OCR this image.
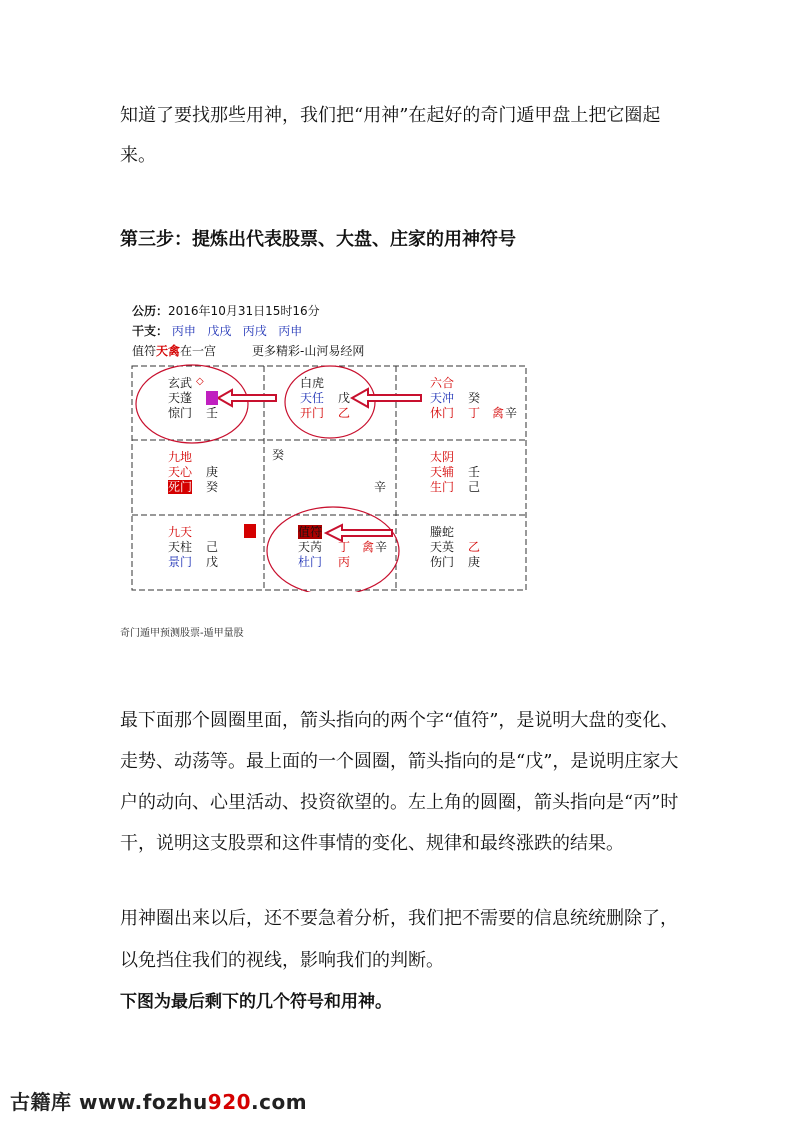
知道了要找那些用神，我们把“用神”在起好的奇门遁甲盘上把它圈起来。

第三步：提炼出代表股票、大盘、庄家的用神符号

公历：2016年10月31日15时16分
干支： 丙申 戊戌 丙戌 丙申
值符天禽在一宫	更多精彩-山河易经网
玄武 ◇
天蓬 丙
惊门 壬
白虎
天任 戊
开门 乙
六合
天冲 癸
休门 丁 禽 辛
九地
天心 庚
死门 癸
癸
辛
太阴
天辅 壬
生门 己
九天	马
天柱 己
景门 戊
值符
天芮 丁 禽 辛
杜门 丙
螣蛇
天英 乙
伤门 庚
奇门遁甲预测股票-遁甲量股

最下面那个圆圈里面，箭头指向的两个字“值符”，是说明大盘的变化、走势、动荡等。最上面的一个圆圈，箭头指向的是“戊”，是说明庄家大户的动向、心里活动、投资欲望的。左上角的圆圈，箭头指向是“丙”时干，说明这支股票和这件事情的变化、规律和最终涨跌的结果。

用神圈出来以后，还不要急着分析，我们把不需要的信息统统删除了，以免挡住我们的视线，影响我们的判断。

下图为最后剩下的几个符号和用神。

古籍库 www.fozhu920.com
